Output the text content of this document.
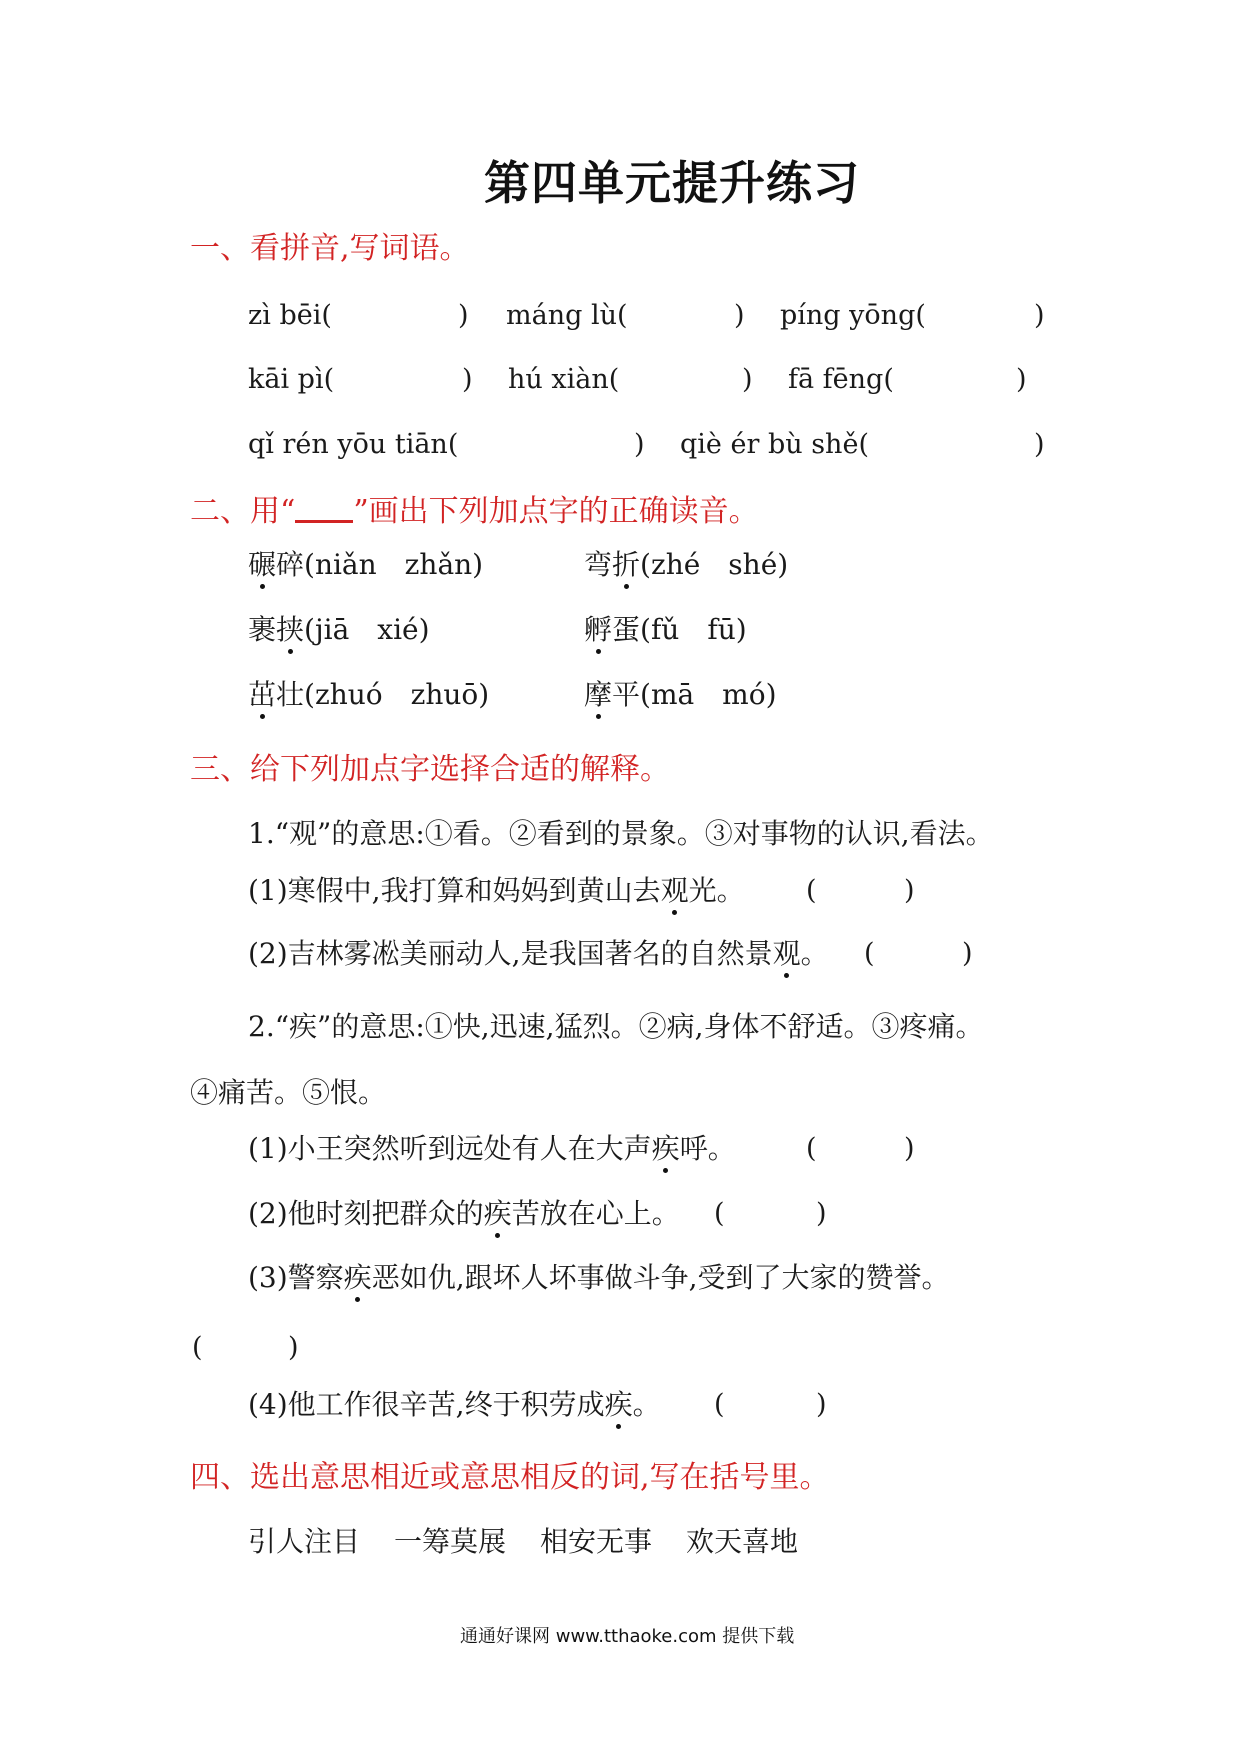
第四单元提升练习
一、看拼音,写词语。
zì bēi(	) máng lù(	) píng yōng(	)
kāi pì(	) hú xiàn(	) fā fēng(	)
qǐ rén yōu tiān(	) qiè ér bù shě(	)
二、用“ ”画出下列加点字的正确读音。
碾碎(niǎn　zhǎn)	弯折(zhé　shé)
裹挟(jiā　xié)	孵蛋(fǔ　fū)
茁壮(zhuó　zhuō)	摩平(mā　mó)
三、给下列加点字选择合适的解释。
1.“观”的意思:①看。②看到的景象。③对事物的认识,看法。
(1)寒假中,我打算和妈妈到黄山去观光。 (	)
(2)吉林雾凇美丽动人,是我国著名的自然景观。 (	)
2.“疾”的意思:①快,迅速,猛烈。②病,身体不舒适。③疼痛。
④痛苦。⑤恨。
(1)小王突然听到远处有人在大声疾呼。	(	)
(2)他时刻把群众的疾苦放在心上。 (	)
(3)警察疾恶如仇,跟坏人坏事做斗争,受到了大家的赞誉。
(	)
(4)他工作很辛苦,终于积劳成疾。 (	)
四、选出意思相近或意思相反的词,写在括号里。
引人注目 一筹莫展 相安无事 欢天喜地
通通好课网 www.tthaoke.com 提供下载
